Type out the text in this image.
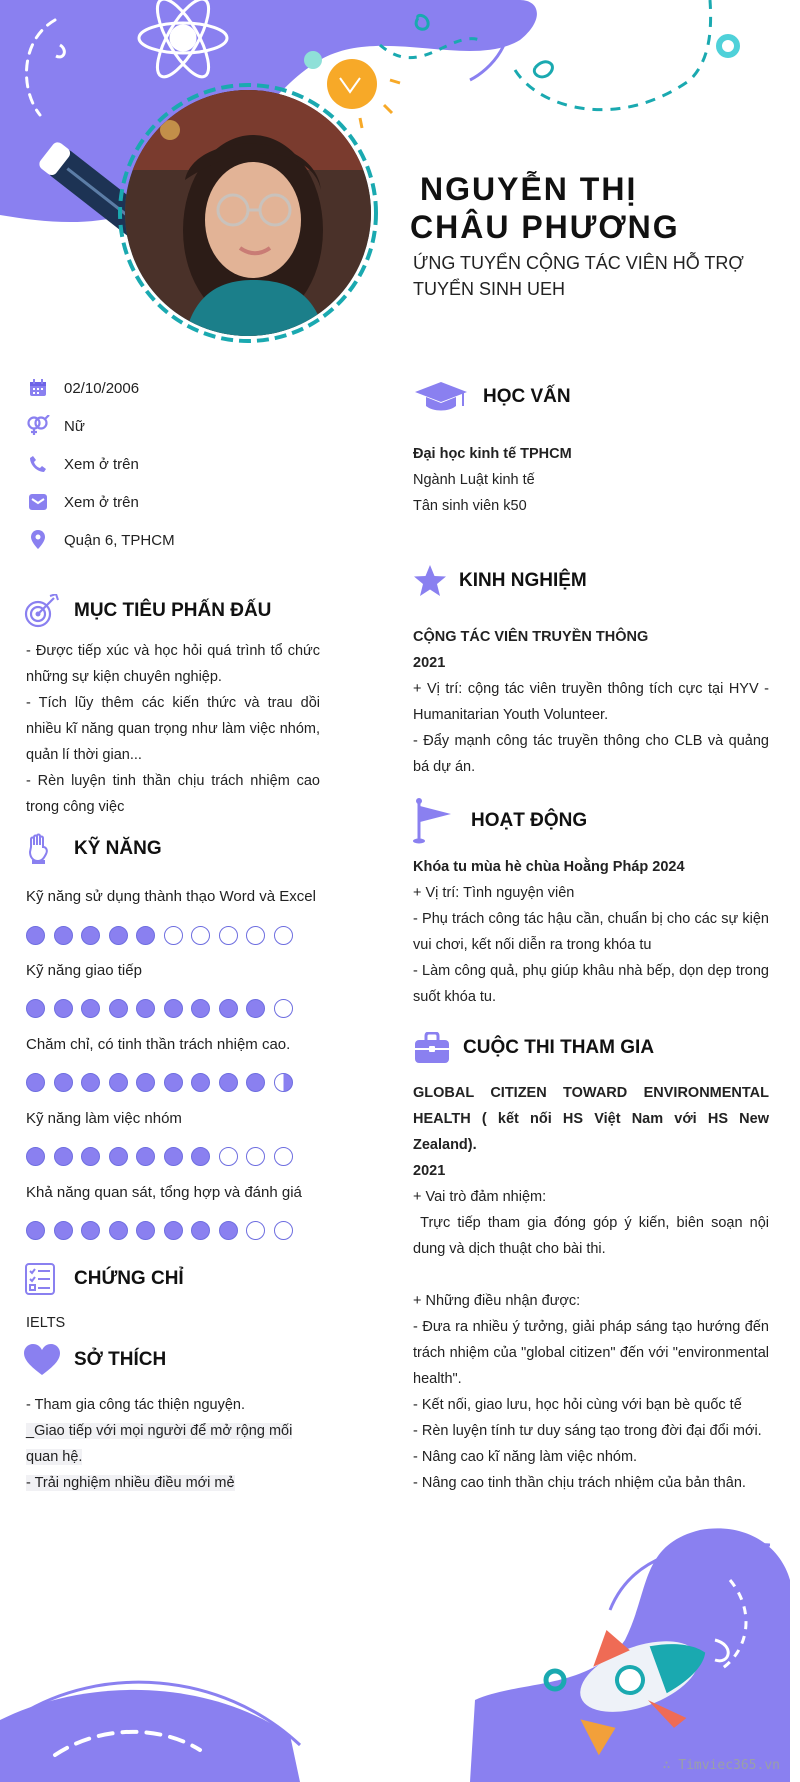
NGUYỄN THỊ
CHÂU PHƯƠNG
ỨNG TUYỂN CỘNG TÁC VIÊN HỖ TRỢ TUYỂN SINH UEH
02/10/2006
Nữ
Xem ở trên
Xem ở trên
Quận 6, TPHCM
MỤC TIÊU PHẤN ĐẤU

- Được tiếp xúc và học hỏi quá trình tổ chức những sự kiện chuyên nghiệp.

- Tích lũy thêm các kiến thức và trau dồi nhiều kĩ năng quan trọng như làm việc nhóm, quản lí thời gian...

- Rèn luyện tinh thần chịu trách nhiệm cao trong công việc

KỸ NĂNG
Kỹ năng sử dụng thành thạo Word và Excel
Kỹ năng giao tiếp
Chăm chỉ, có tinh thần trách nhiệm cao.
Kỹ năng làm việc nhóm
Khả năng quan sát, tổng hợp và đánh giá
CHỨNG CHỈ
IELTS
SỞ THÍCH

- Tham gia công tác thiện nguyện.

_Giao tiếp với mọi người để mở rộng mối quan hệ.

- Trải nghiệm nhiều điều mới mẻ

HỌC VẤN

Đại học kinh tế TPHCM

Ngành Luật kinh tế

Tân sinh viên k50

KINH NGHIỆM

CỘNG TÁC VIÊN TRUYỀN THÔNG

2021

+ Vị trí: cộng tác viên truyền thông tích cực tại HYV - Humanitarian Youth Volunteer.

- Đẩy mạnh công tác truyền thông cho CLB và quảng bá dự án.

HOẠT ĐỘNG

Khóa tu mùa hè chùa Hoằng Pháp 2024

+ Vị trí: Tình nguyện viên

- Phụ trách công tác hậu cần, chuẩn bị cho các sự kiện vui chơi, kết nối diễn ra trong khóa tu

- Làm công quả, phụ giúp khâu nhà bếp, dọn dẹp trong suốt khóa tu.

CUỘC THI THAM GIA

GLOBAL CITIZEN TOWARD ENVIRONMENTAL HEALTH ( kết nối HS Việt Nam với HS New Zealand).

2021

+ Vai trò đảm nhiệm:

Trực tiếp tham gia đóng góp ý kiến, biên soạn nội dung và dịch thuật cho bài thi.

+ Những điều nhận được:

- Đưa ra nhiều ý tưởng, giải pháp sáng tạo hướng đến trách nhiệm của "global citizen" đến với "environmental health".

- Kết nối, giao lưu, học hỏi cùng với bạn bè quốc tế

- Rèn luyện tính tư duy sáng tạo trong đời đại đổi mới.

- Nâng cao kĩ năng làm việc nhóm.

- Nâng cao tinh thần chịu trách nhiệm của bản thân.

∴ Timviec365.vn
